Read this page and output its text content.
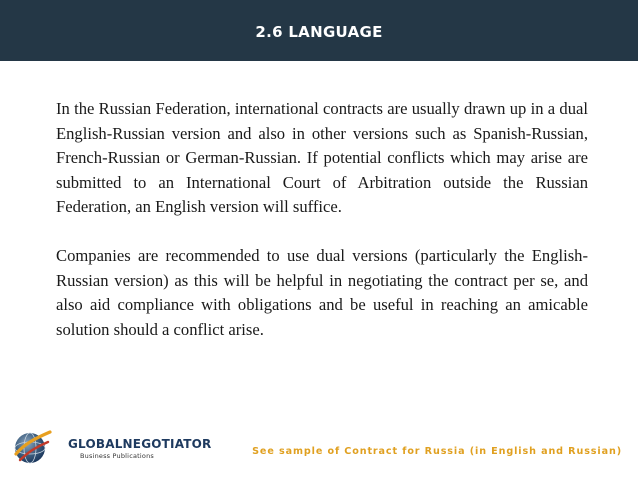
2.6 LANGUAGE

In the Russian Federation, international contracts are usually drawn up in a dual English-Russian version and also in other versions such as Spanish-Russian, French-Russian or German-Russian. If potential conflicts which may arise are submitted to an International Court of Arbitration outside the Russian Federation, an English version will suffice.

Companies are recommended to use dual versions (particularly the English-Russian version) as this will be helpful in negotiating the contract per se, and also aid compliance with obligations and be useful in reaching an amicable solution should a conflict arise.

GLOBALNEGOTIATOR
Business Publications	See sample of Contract for Russia (in English and Russian)
